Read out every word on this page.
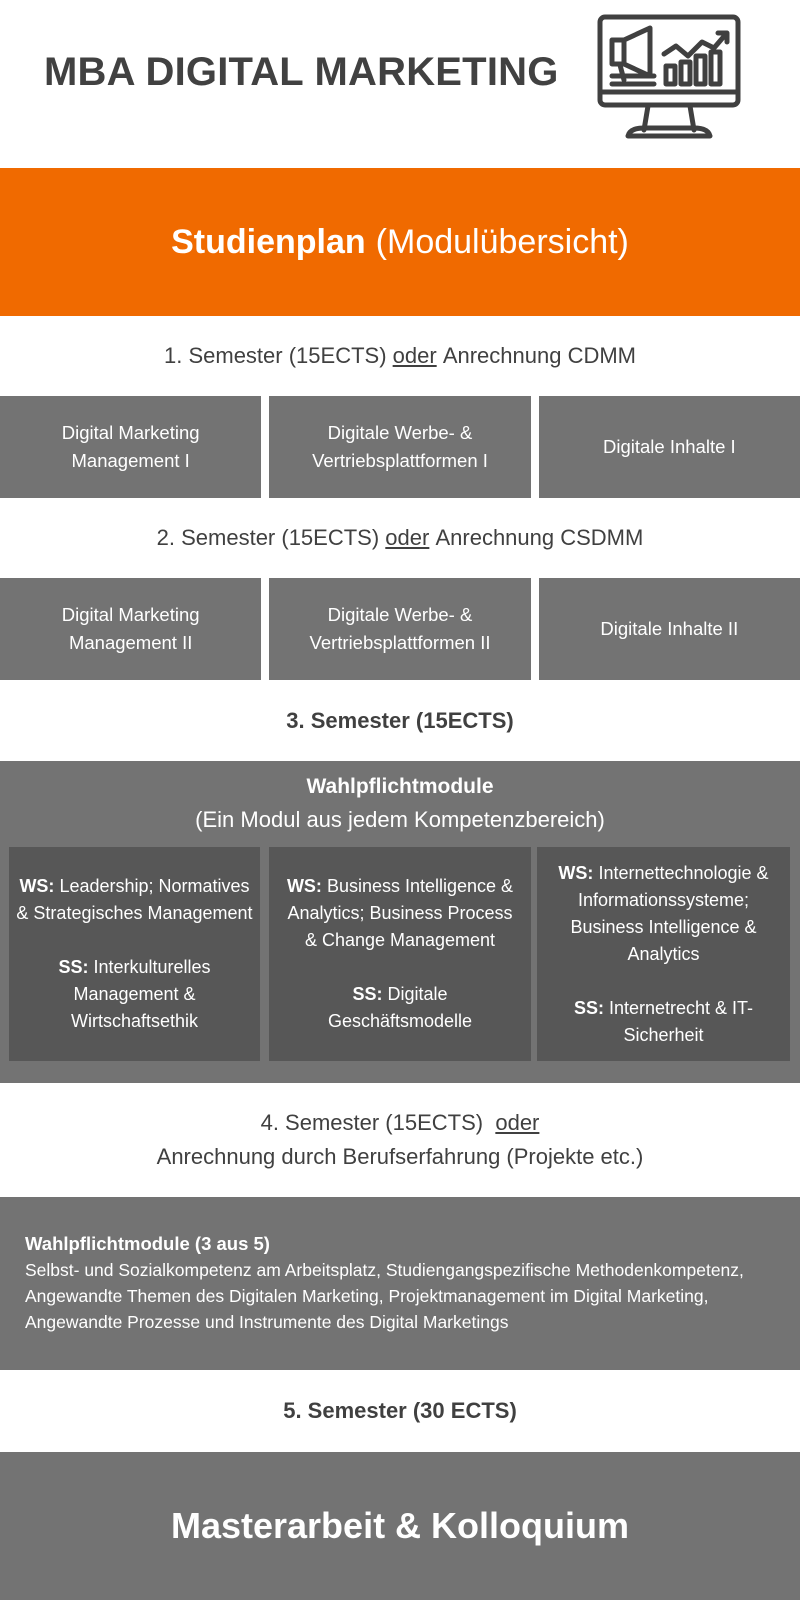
MBA DIGITAL MARKETING
Studienplan (Modulübersicht)
1. Semester (15ECTS)
oder
Anrechnung CDMM
Digital Marketing
Management I
Digitale Werbe- &
Vertriebsplattformen I
Digitale Inhalte I
2. Semester (15ECTS)
oder
Anrechnung CSDMM
Digital Marketing
Management II
Digitale Werbe- &
Vertriebsplattformen II
Digitale Inhalte II
3. Semester (15ECTS)
Wahlpflichtmodule
(Ein Modul aus jedem Kompetenzbereich)

WS: Leadership; Normatives & Strategisches Management

SS: Interkulturelles Management & Wirtschaftsethik

WS: Business Intelligence & Analytics; Business Process & Change Management

SS: Digitale Geschäftsmodelle

WS: Internettechnologie & Informationssysteme; Business Intelligence & Analytics

SS: Internetrecht & IT-Sicherheit

4. Semester (15ECTS) oder
Anrechnung durch Berufserfahrung (Projekte etc.)
Wahlpflichtmodule (3 aus 5)
Selbst- und Sozialkompetenz am Arbeitsplatz, Studiengangspezifische Methodenkompetenz, Angewandte Themen des Digitalen Marketing, Projektmanagement im Digital Marketing, Angewandte Prozesse und Instrumente des Digital Marketings
5. Semester (30 ECTS)
Masterarbeit & Kolloquium
